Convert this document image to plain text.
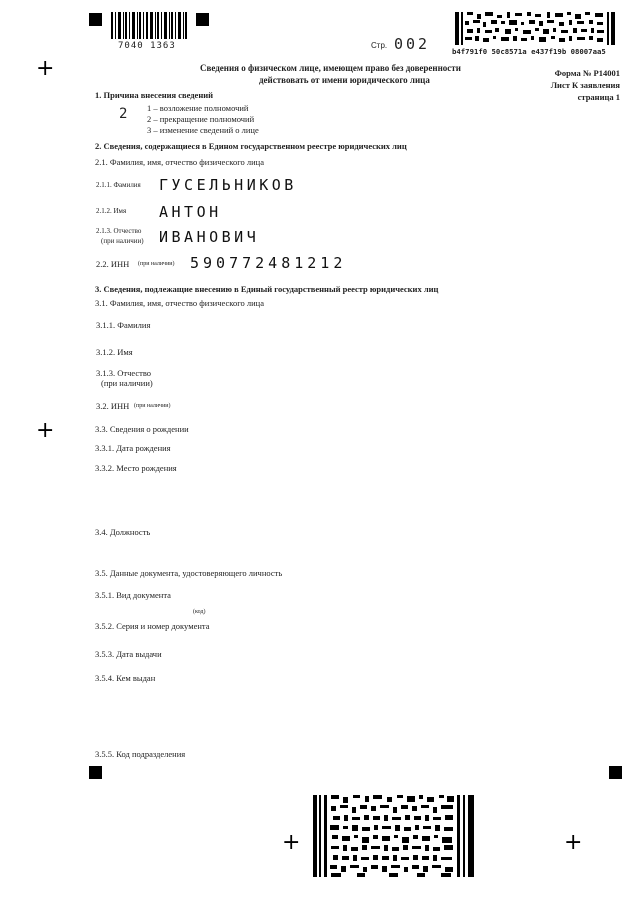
+
+
+	+
7040 1363	Стр. 002	b4f791f0 50c8571a e437f19b 08007aa5
Сведения о физическом лице, имеющем право без доверенности
действовать от имени юридического лица
Форма № Р14001
Лист К заявления
страница 1
1. Причина внесения сведений
2 1 – возложение полномочий
2 – прекращение полномочий
3 – изменение сведений о лице
2. Сведения, содержащиеся в Едином государственном реестре юридических лиц
2.1. Фамилия, имя, отчество физического лица
2.1.1. Фамилия ГУСЕЛЬНИКОВ
2.1.2. Имя АНТОН
2.1.3. Отчество
(при наличии) ИВАНОВИЧ
2.2. ИНН (при наличии) 590772481212
3. Сведения, подлежащие внесению в Единый государственный реестр юридических лиц
3.1. Фамилия, имя, отчество физического лица
3.1.1. Фамилия
3.1.2. Имя
3.1.3. Отчество
(при наличии)
3.2. ИНН (при наличии)
3.3. Сведения о рождении
3.3.1. Дата рождения
3.3.2. Место рождения
3.4. Должность
3.5. Данные документа, удостоверяющего личность
3.5.1. Вид документа
(код)
3.5.2. Серия и номер документа
3.5.3. Дата выдачи
3.5.4. Кем выдан
3.5.5. Код подразделения
